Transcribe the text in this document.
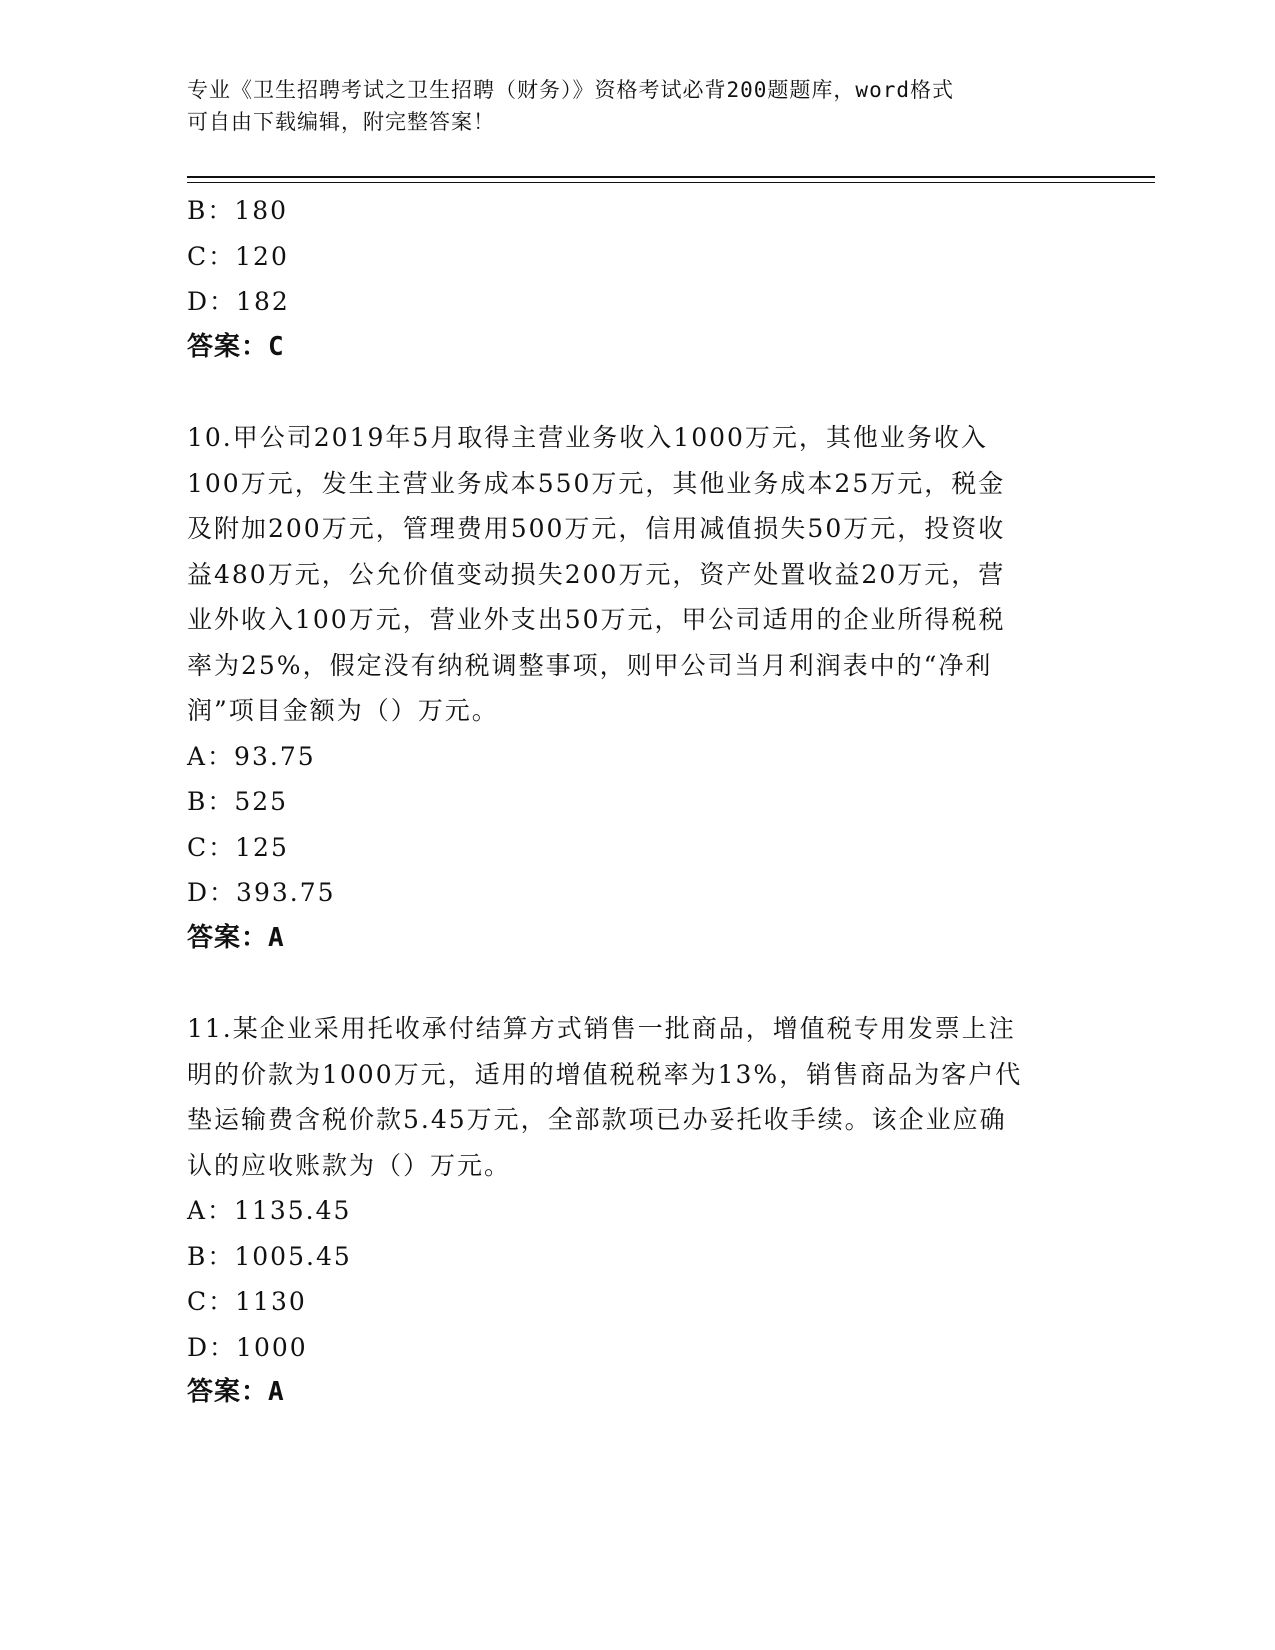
专业《卫生招聘考试之卫生招聘（财务）》资格考试必背200题题库，word格式
可自由下载编辑，附完整答案！
B：180
C：120
D：182
答案：C
10.甲公司2019年5月取得主营业务收入1000万元，其他业务收入
100万元，发生主营业务成本550万元，其他业务成本25万元，税金
及附加200万元，管理费用500万元，信用减值损失50万元，投资收
益480万元，公允价值变动损失200万元，资产处置收益20万元，营
业外收入100万元，营业外支出50万元，甲公司适用的企业所得税税
率为25%，假定没有纳税调整事项，则甲公司当月利润表中的“净利
润”项目金额为（）万元。
A：93.75
B：525
C：125
D：393.75
答案：A
11.某企业采用托收承付结算方式销售一批商品，增值税专用发票上注
明的价款为1000万元，适用的增值税税率为13%，销售商品为客户代
垫运输费含税价款5.45万元，全部款项已办妥托收手续。该企业应确
认的应收账款为（）万元。
A：1135.45
B：1005.45
C：1130
D：1000
答案：A
